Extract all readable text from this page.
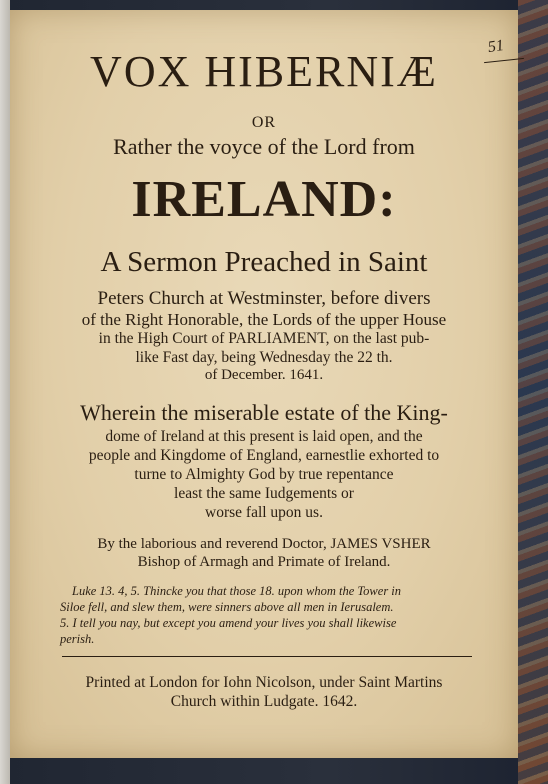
51
VOX HIBERNIÆ
OR
Rather the voyce of the Lord from
IRELAND:
A Sermon Preached in Saint
Peters Church at Westminster, before divers
of the Right Honorable, the Lords of the upper House
in the High Court of PARLIAMENT, on the last pub-
like Fast day, being Wednesday the 22 th.
of December. 1641.
Wherein the miserable estate of the King-
dome of Ireland at this present is laid open, and the
people and Kingdome of England, earnestlie exhorted to
turne to Almighty God by true repentance
least the same Iudgements or
worse fall upon us.
By the laborious and reverend Doctor, JAMES VSHER
Bishop of Armagh and Primate of Ireland.
Luke 13. 4, 5. Thincke you that those 18. upon whom the Tower in
Siloe fell, and slew them, were sinners above all men in Ierusalem.
5. I tell you nay, but except you amend your lives you shall likewise
perish.
Printed at London for Iohn Nicolson, under Saint Martins
Church within Ludgate. 1642.
